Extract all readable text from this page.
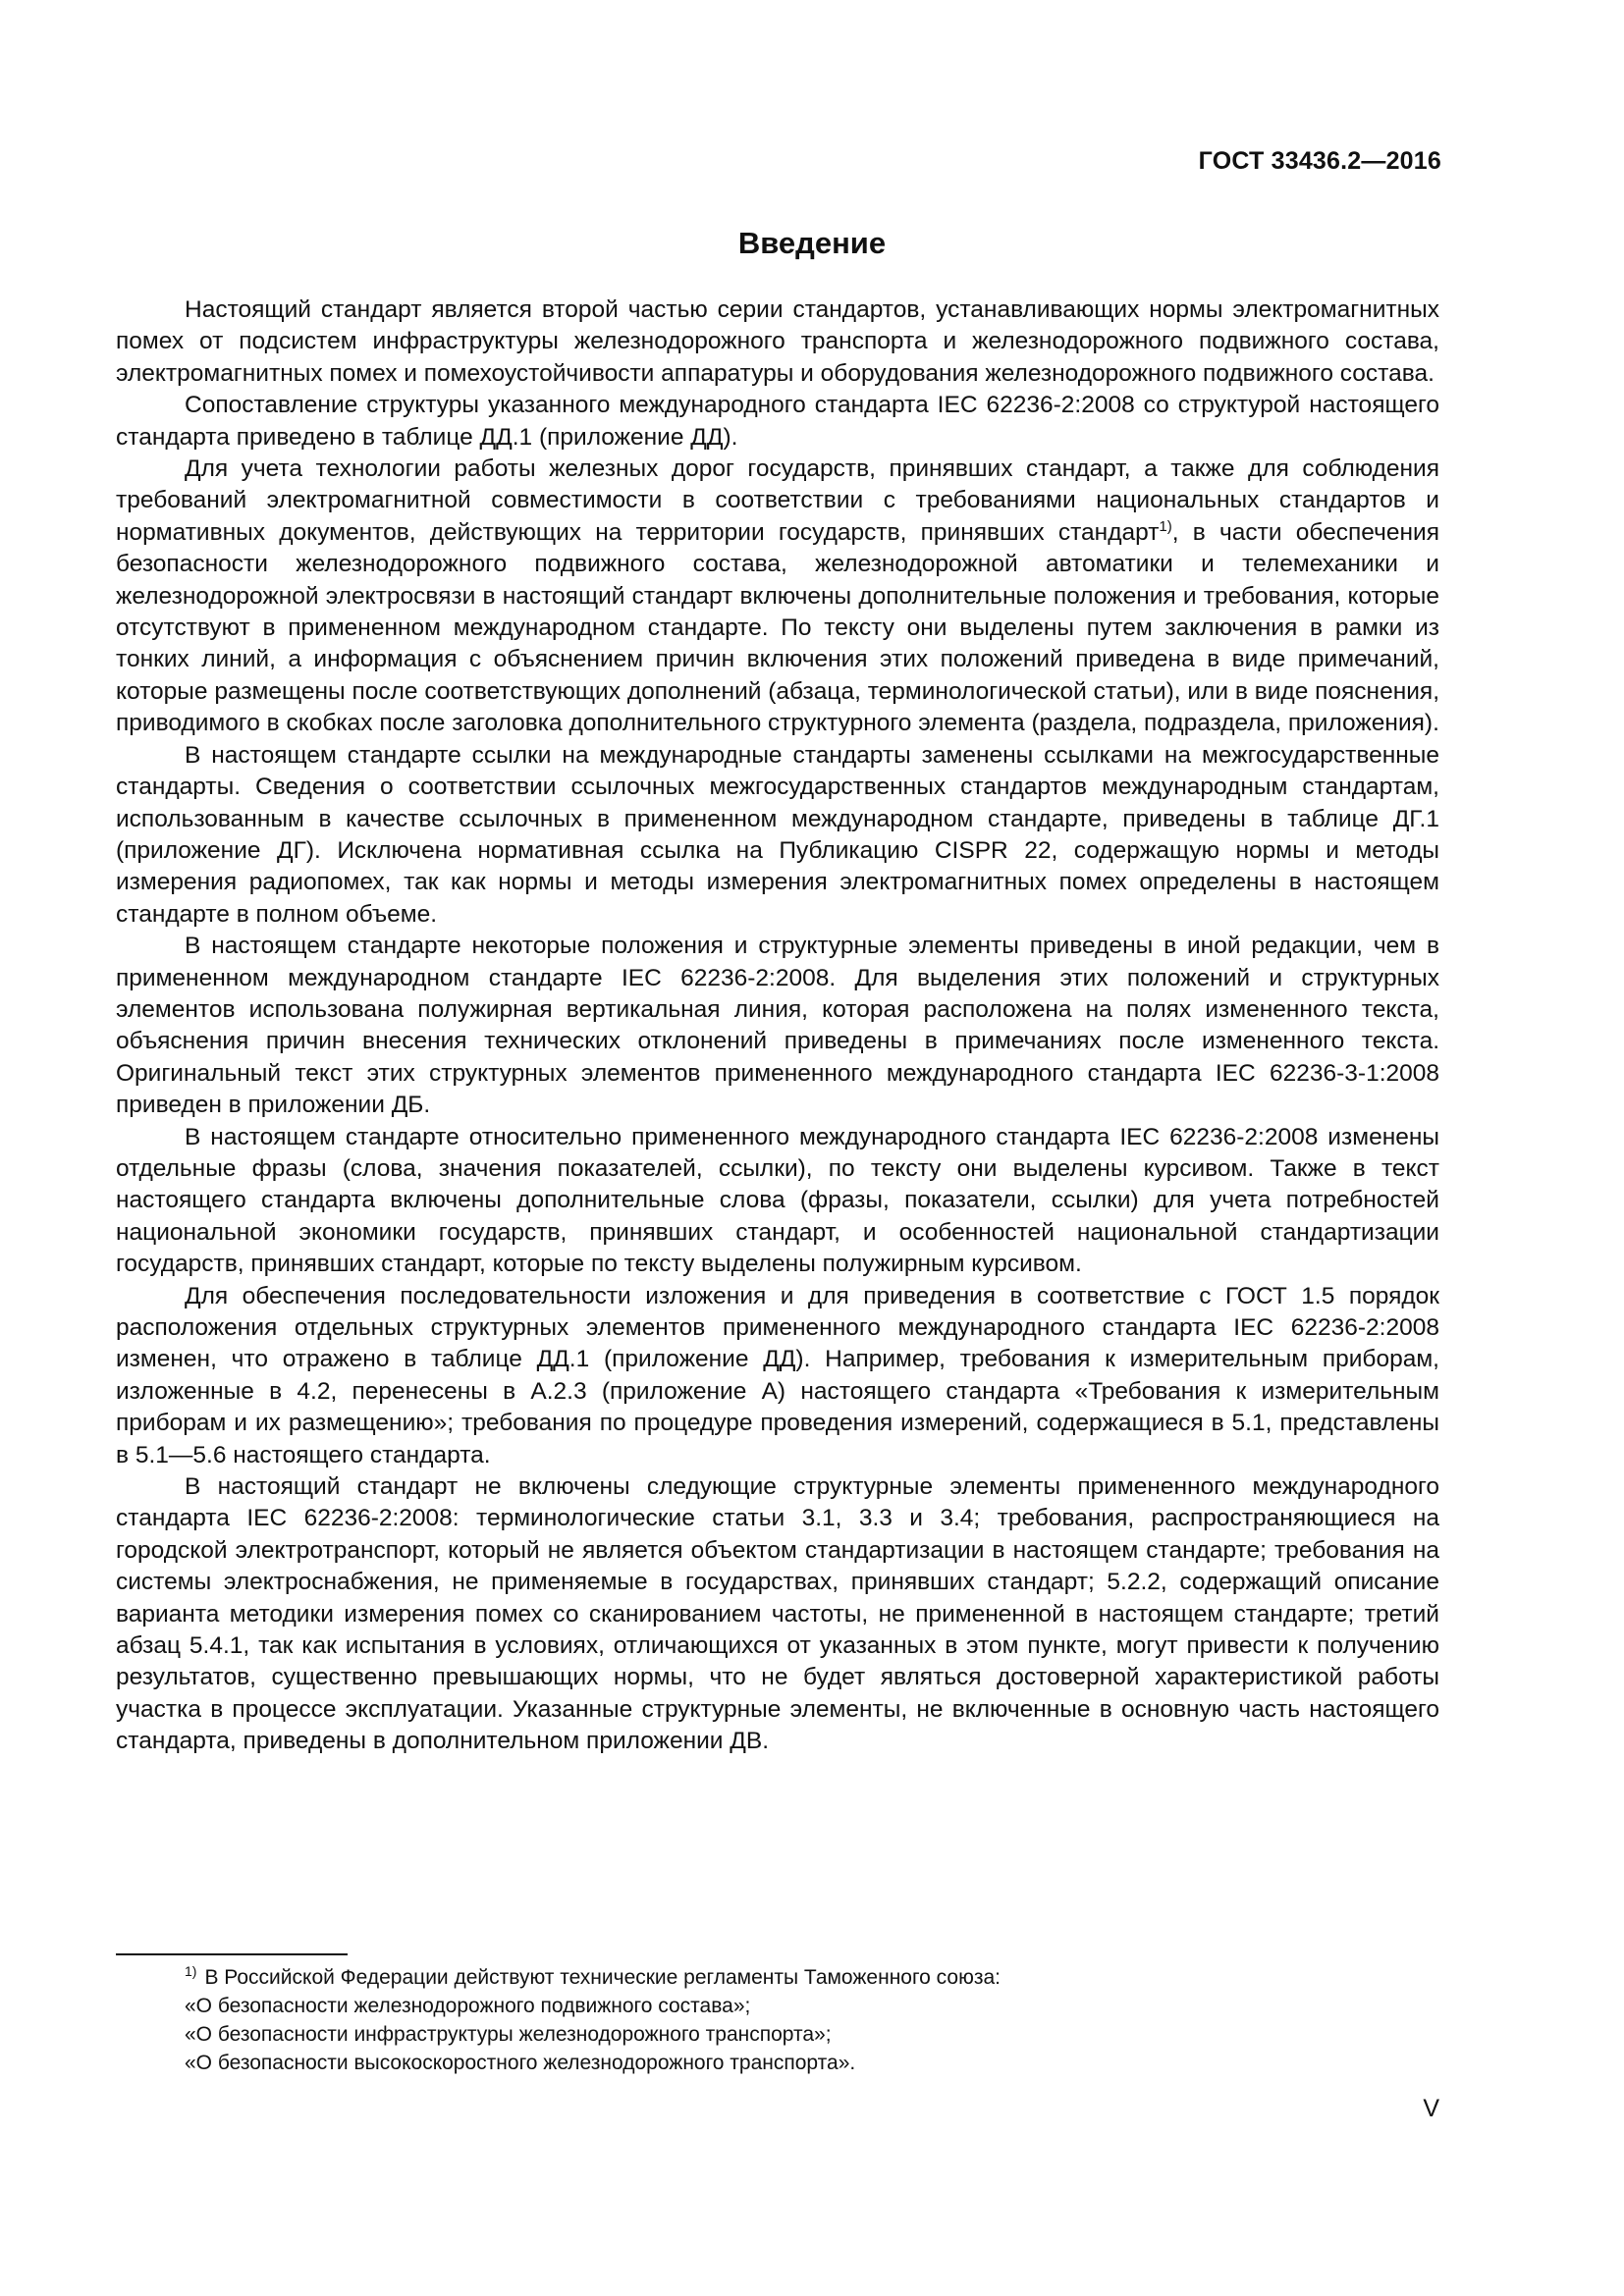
ГОСТ 33436.2—2016
Введение

Настоящий стандарт является второй частью серии стандартов, устанавливающих нормы электромагнитных помех от подсистем инфраструктуры железнодорожного транспорта и железнодорожного подвижного состава, электромагнитных помех и помехоустойчивости аппаратуры и оборудования железнодорожного подвижного состава.

Сопоставление структуры указанного международного стандарта IEC 62236-2:2008 со структурой настоящего стандарта приведено в таблице ДД.1 (приложение ДД).

Для учета технологии работы железных дорог государств, принявших стандарт, а также для соблюдения требований электромагнитной совместимости в соответствии с требованиями национальных стандартов и нормативных документов, действующих на территории государств, принявших стандарт$^{1)}$, в части обеспечения безопасности железнодорожного подвижного состава, железнодорожной автоматики и телемеханики и железнодорожной электросвязи в настоящий стандарт включены дополнительные положения и требования, которые отсутствуют в примененном международном стандарте. По тексту они выделены путем заключения в рамки из тонких линий, а информация с объяснением причин включения этих положений приведена в виде примечаний, которые размещены после соответствующих дополнений (абзаца, терминологической статьи), или в виде пояснения, приводимого в скобках после заголовка дополнительного структурного элемента (раздела, подраздела, приложения).

В настоящем стандарте ссылки на международные стандарты заменены ссылками на межгосударственные стандарты. Сведения о соответствии ссылочных межгосударственных стандартов международным стандартам, использованным в качестве ссылочных в примененном международном стандарте, приведены в таблице ДГ.1 (приложение ДГ). Исключена нормативная ссылка на Публикацию CISPR 22, содержащую нормы и методы измерения радиопомех, так как нормы и методы измерения электромагнитных помех определены в настоящем стандарте в полном объеме.

В настоящем стандарте некоторые положения и структурные элементы приведены в иной редакции, чем в примененном международном стандарте IEC 62236-2:2008. Для выделения этих положений и структурных элементов использована полужирная вертикальная линия, которая расположена на полях измененного текста, объяснения причин внесения технических отклонений приведены в примечаниях после измененного текста. Оригинальный текст этих структурных элементов примененного международного стандарта IEC 62236-3-1:2008 приведен в приложении ДБ.

В настоящем стандарте относительно примененного международного стандарта IEC 62236-2:2008 изменены отдельные фразы (слова, значения показателей, ссылки), по тексту они выделены курсивом. Также в текст настоящего стандарта включены дополнительные слова (фразы, показатели, ссылки) для учета потребностей национальной экономики государств, принявших стандарт, и особенностей национальной стандартизации государств, принявших стандарт, которые по тексту выделены полужирным курсивом.

Для обеспечения последовательности изложения и для приведения в соответствие с ГОСТ 1.5 порядок расположения отдельных структурных элементов примененного международного стандарта IEC 62236-2:2008 изменен, что отражено в таблице ДД.1 (приложение ДД). Например, требования к измерительным приборам, изложенные в 4.2, перенесены в А.2.3 (приложение А) настоящего стандарта «Требования к измерительным приборам и их размещению»; требования по процедуре проведения измерений, содержащиеся в 5.1, представлены в 5.1—5.6 настоящего стандарта.

В настоящий стандарт не включены следующие структурные элементы примененного международного стандарта IEC 62236-2:2008: терминологические статьи 3.1, 3.3 и 3.4; требования, распространяющиеся на городской электротранспорт, который не является объектом стандартизации в настоящем стандарте; требования на системы электроснабжения, не применяемые в государствах, принявших стандарт; 5.2.2, содержащий описание варианта методики измерения помех со сканированием частоты, не примененной в настоящем стандарте; третий абзац 5.4.1, так как испытания в условиях, отличающихся от указанных в этом пункте, могут привести к получению результатов, существенно превышающих нормы, что не будет являться достоверной характеристикой работы участка в процессе эксплуатации. Указанные структурные элементы, не включенные в основную часть настоящего стандарта, приведены в дополнительном приложении ДВ.

$^{1)}$ В Российской Федерации действуют технические регламенты Таможенного союза:
«О безопасности железнодорожного подвижного состава»;
«О безопасности инфраструктуры железнодорожного транспорта»;
«О безопасности высокоскоростного железнодорожного транспорта».
V
